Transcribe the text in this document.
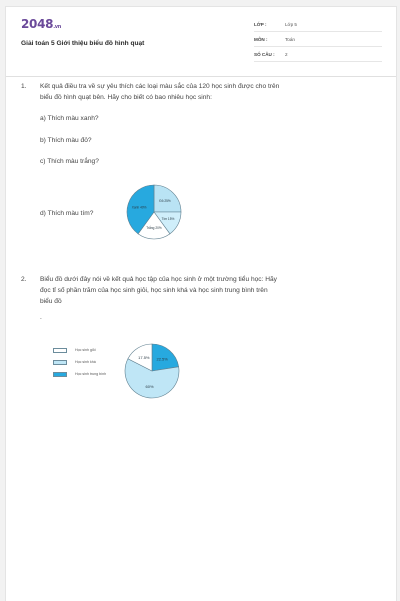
2048.vn
Giải toán 5 Giới thiệu biểu đồ hình quạt
LỚP :	Lớp 5
MÔN :	Toán
SỐ CÂU : 2
1. Kết quả điều tra về sự yêu thích các loại màu sắc của 120 học sinh được cho trên
biểu đồ hình quạt bên. Hãy cho biết có bao nhiêu học sinh:
a) Thích màu xanh?
b) Thích màu đỏ?
c) Thích màu trắng?
d) Thích màu tím?
Đỏ 25%
Tím 15%
Trắng 20%
Xanh 40%
2. Biểu đồ dưới đây nói về kết quả học tập của học sinh ở một trường tiểu học: Hãy
đọc tỉ số phần trăm của học sinh giỏi, học sinh khá và học sinh trung bình trên
biểu đồ
.
Học sinh giỏi
Học sinh khá
Học sinh trung bình
22.5%
60%
17.5%
